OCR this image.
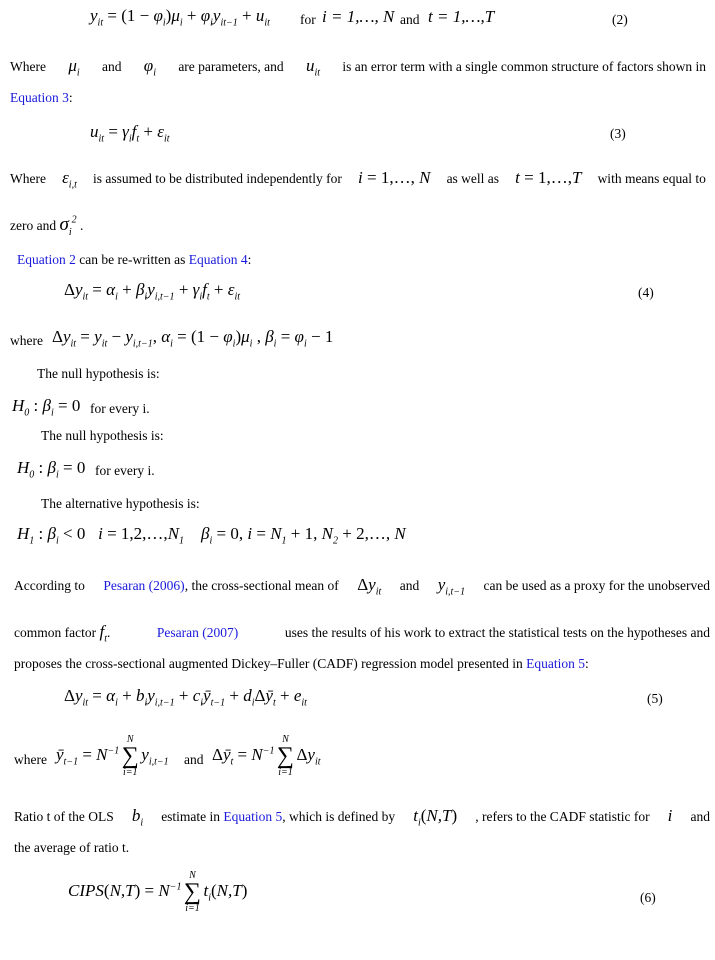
$y_{it} = (1 - \varphi_i)\mu_i + \varphi_iy_{it-1} + u_{it}$ for i = 1,…, N and t = 1,…,T	(2)
Where $\mu_i$ and $\varphi_i$ are parameters, and $u_{it}$ is an error term with a single common structure of factors shown in
Equation 3:
$u_{it} = \gamma_if_t + \varepsilon_{it}$	(3)
Where $\varepsilon_{i,t}$ is assumed to be distributed independently for i = 1,…, N as well as t = 1,…,T with means equal to
zero and $\sigma_i^2$ .
Equation 2 can be re-written as Equation 4:
$\Delta y_{it} = \alpha_i + \beta_iy_{i,t-1} + \gamma_if_t + \varepsilon_{it}$	(4)
where $\Delta y_{it} = y_{it} - y_{i,t-1}$, $\alpha_i = (1 - \varphi_i)\mu_i$ , $\beta_i = \varphi_i - 1$
The null hypothesis is:
$H_0$ : $\beta_i = 0$ for every i.
The null hypothesis is:
$H_0$ : $\beta_i = 0$ for every i.
The alternative hypothesis is:
$H_1$ : $\beta_i < 0$   $i = 1,2,\dots,N_1$    $\beta_i = 0$, $i = N_1 + 1$, $N_2$ + 2,…, N
According to Pesaran (2006), the cross-sectional mean of $\Delta y_{it}$ and $y_{i,t-1}$ can be used as a proxy for the unobserved
common factor $f_t$.	Pesaran (2007)	uses the results of his work to extract the statistical tests on the hypotheses and
proposes the cross-sectional augmented Dickey–Fuller (CADF) regression model presented in Equation 5:
$\Delta y_{it} = \alpha_i + b_iy_{i,t-1}$ + $c_iȳ_{t-1}$ + $d_i\Delta ȳ_t + e_{it}$	(5)
where $ȳ_{t-1} = N^{-1}$
N
∑
i=1
$y_{i,t-1}$ and $\Delta ȳ_t = N^{-1}$
N
∑
i=1
$\Delta y_{it}$
Ratio t of the OLS $b_i$ estimate in Equation 5, which is defined by $t_i(N,T)$ , refers to the CADF statistic for i and
the average of ratio t.
CIPS(N,T) = $N^{-1}$
N
∑
i=1
$t_i(N,T)$	(6)
